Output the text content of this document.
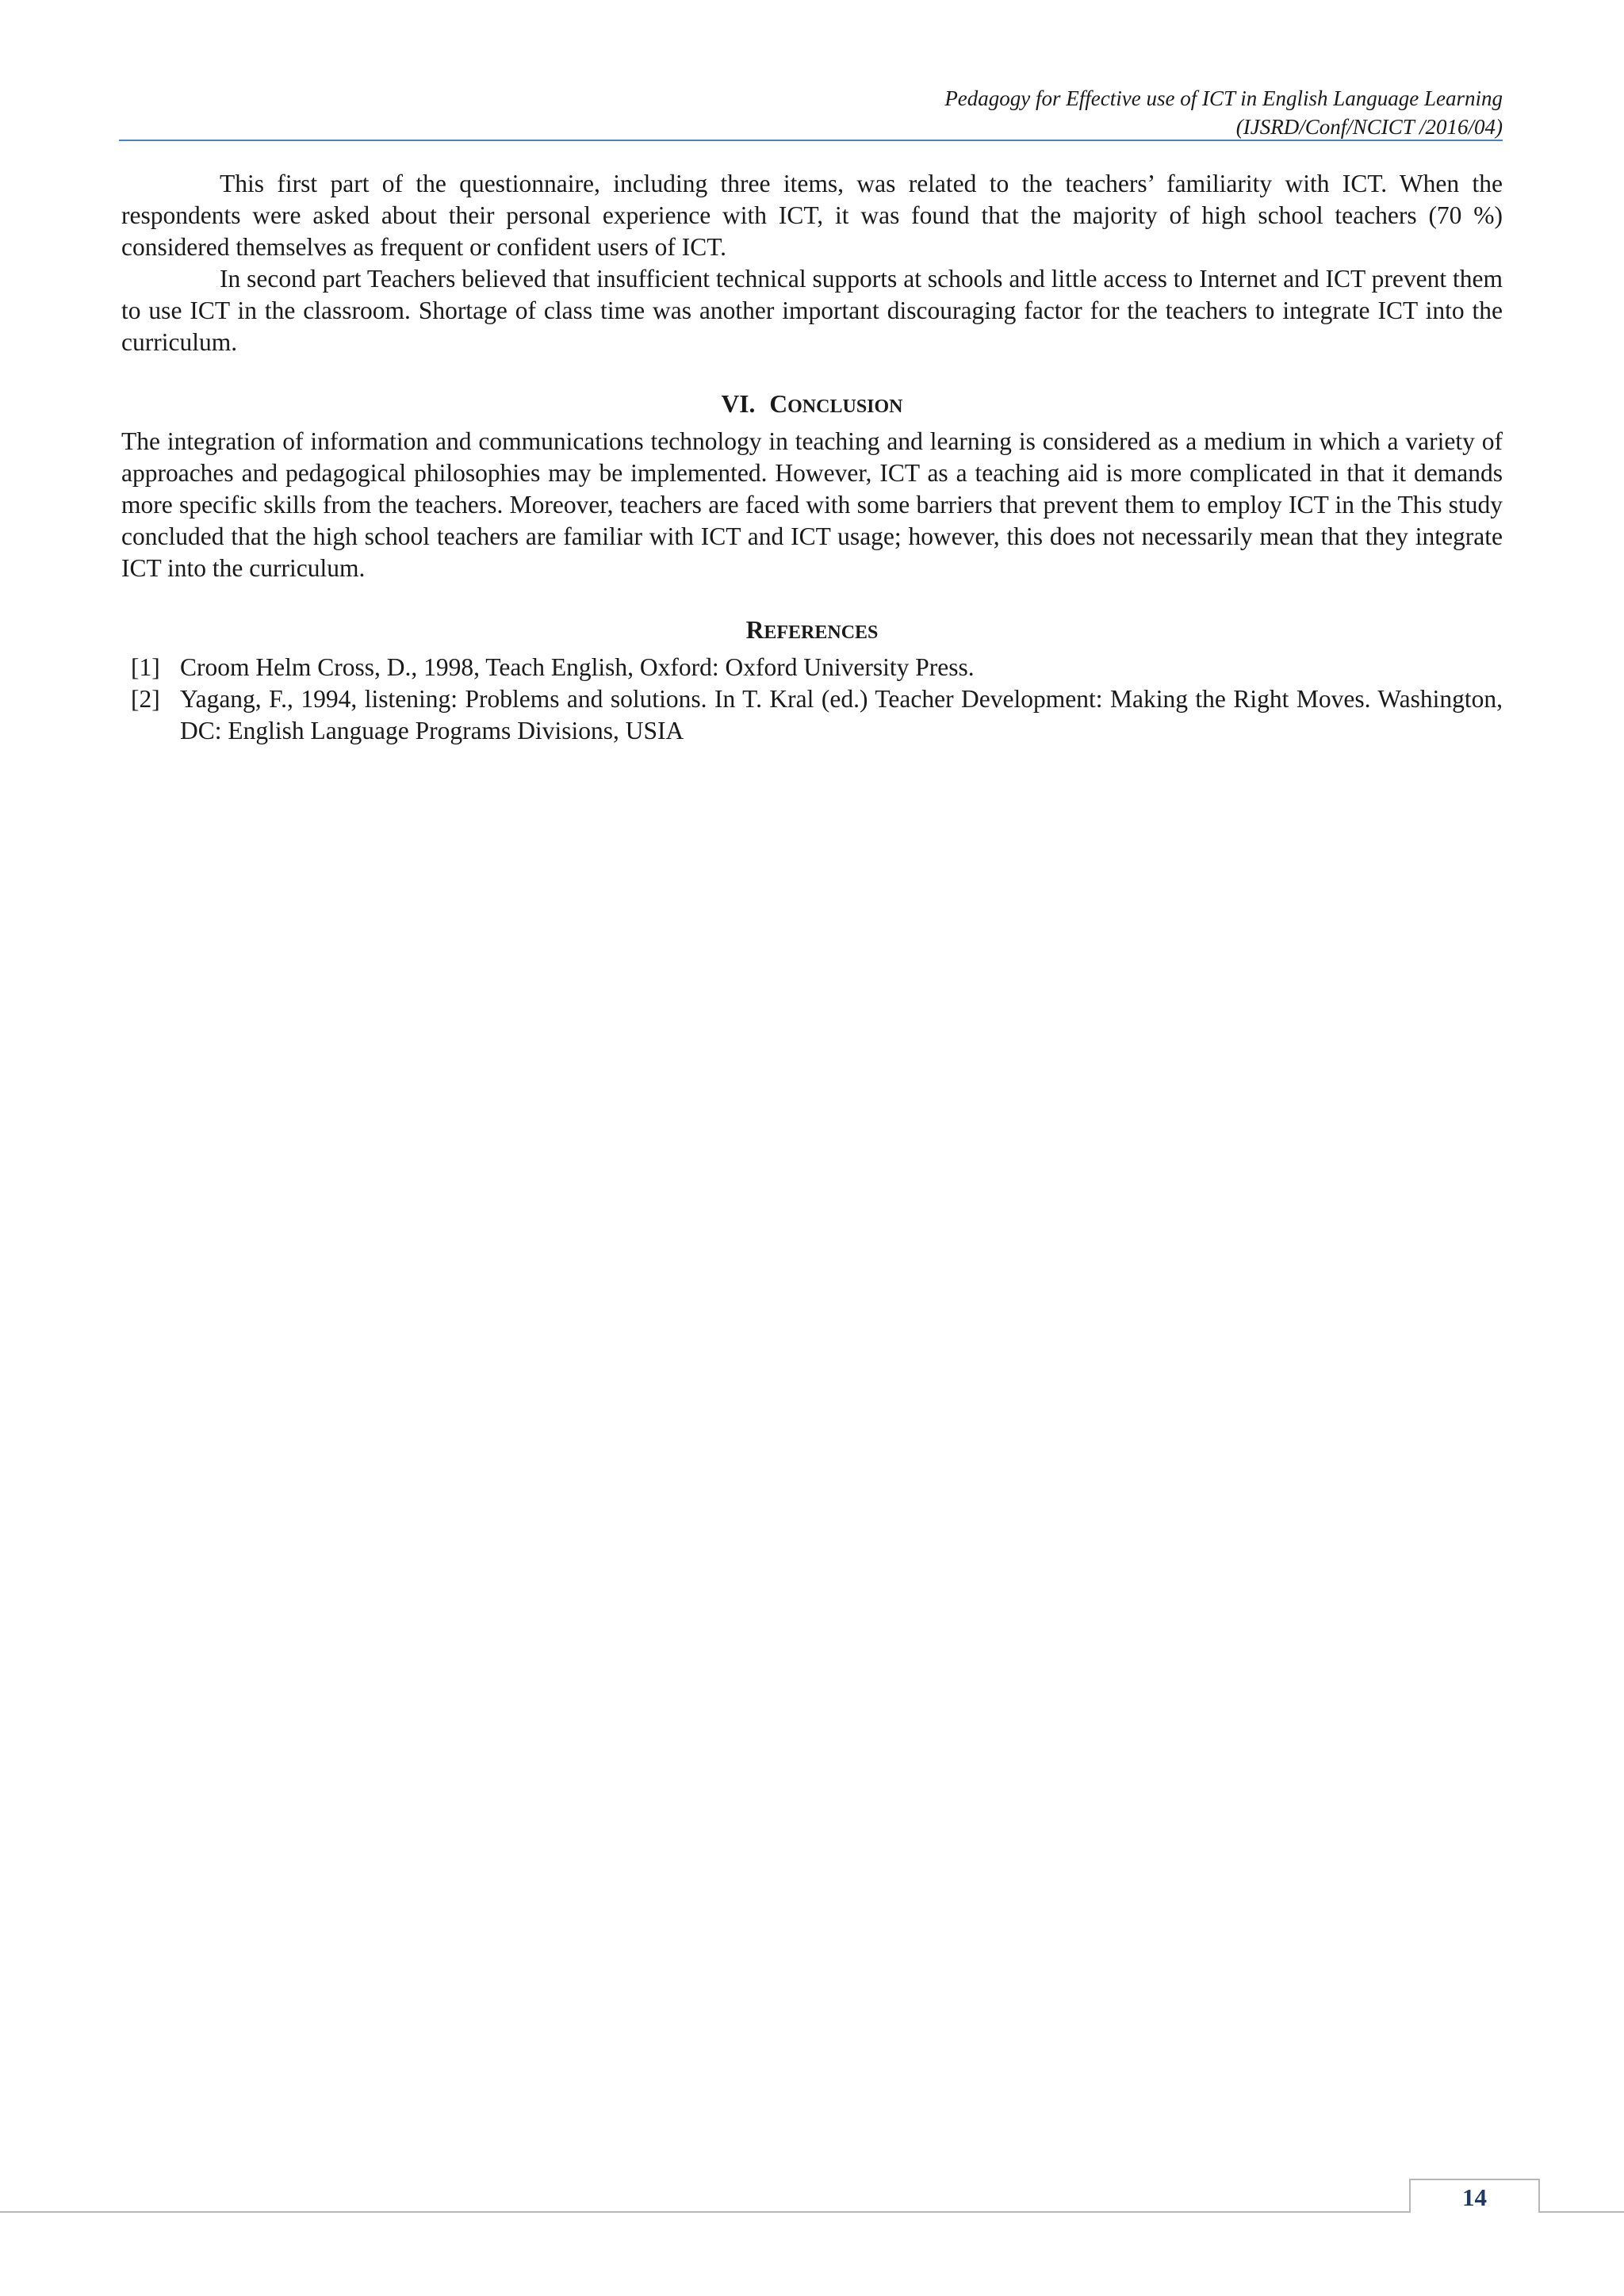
Pedagogy for Effective use of ICT in English Language Learning
(IJSRD/Conf/NCICT /2016/04)

This first part of the questionnaire, including three items, was related to the teachers’ familiarity with ICT. When the respondents were asked about their personal experience with ICT, it was found that the majority of high school teachers (70 %) considered themselves as frequent or confident users of ICT.

In second part Teachers believed that insufficient technical supports at schools and little access to Internet and ICT prevent them to use ICT in the classroom. Shortage of class time was another important discouraging factor for the teachers to integrate ICT into the curriculum.

VI. CONCLUSION

The integration of information and communications technology in teaching and learning is considered as a medium in which a variety of approaches and pedagogical philosophies may be implemented. However, ICT as a teaching aid is more complicated in that it demands more specific skills from the teachers. Moreover, teachers are faced with some barriers that prevent them to employ ICT in the This study concluded that the high school teachers are familiar with ICT and ICT usage; however, this does not necessarily mean that they integrate ICT into the curriculum.

REFERENCES
[1] Croom Helm Cross, D., 1998, Teach English, Oxford: Oxford University Press.
[2] Yagang, F., 1994, listening: Problems and solutions. In T. Kral (ed.) Teacher Development: Making the Right Moves. Washington, DC: English Language Programs Divisions, USIA
14
